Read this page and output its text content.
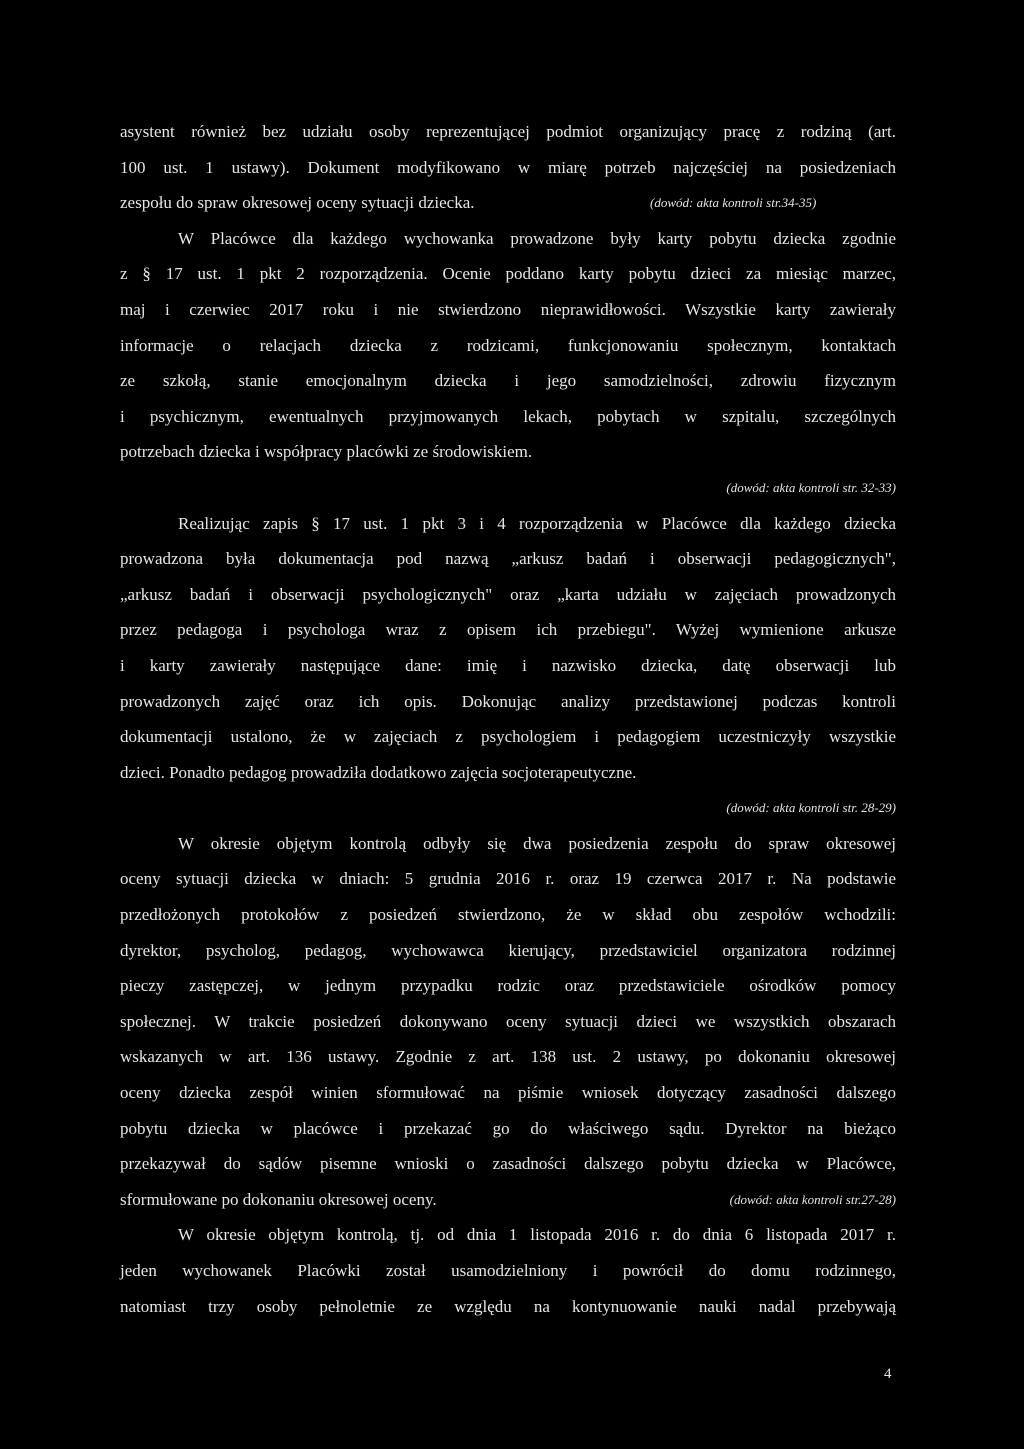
asystent również bez udziału osoby reprezentującej podmiot organizujący pracę z rodziną (art.
100 ust. 1 ustawy). Dokument modyfikowano w miarę potrzeb najczęściej na posiedzeniach
zespołu do spraw okresowej oceny sytuacji dziecka.	(dowód: akta kontroli str.34-35)
W Placówce dla każdego wychowanka prowadzone były karty pobytu dziecka zgodnie
z § 17 ust. 1 pkt 2 rozporządzenia. Ocenie poddano karty pobytu dzieci za miesiąc marzec,
maj i czerwiec 2017 roku i nie stwierdzono nieprawidłowości. Wszystkie karty zawierały
informacje o relacjach dziecka z rodzicami, funkcjonowaniu społecznym, kontaktach
ze szkołą, stanie emocjonalnym dziecka i jego samodzielności, zdrowiu fizycznym
i psychicznym, ewentualnych przyjmowanych lekach, pobytach w szpitalu, szczególnych
potrzebach dziecka i współpracy placówki ze środowiskiem.
(dowód: akta kontroli str. 32-33)
Realizując zapis § 17 ust. 1 pkt 3 i 4 rozporządzenia w Placówce dla każdego dziecka
prowadzona była dokumentacja pod nazwą „arkusz badań i obserwacji pedagogicznych",
„arkusz badań i obserwacji psychologicznych" oraz „karta udziału w zajęciach prowadzonych
przez pedagoga i psychologa wraz z opisem ich przebiegu". Wyżej wymienione arkusze
i karty zawierały następujące dane: imię i nazwisko dziecka, datę obserwacji lub
prowadzonych zajęć oraz ich opis. Dokonując analizy przedstawionej podczas kontroli
dokumentacji ustalono, że w zajęciach z psychologiem i pedagogiem uczestniczyły wszystkie
dzieci. Ponadto pedagog prowadziła dodatkowo zajęcia socjoterapeutyczne.
(dowód: akta kontroli str. 28-29)
W okresie objętym kontrolą odbyły się dwa posiedzenia zespołu do spraw okresowej
oceny sytuacji dziecka w dniach: 5 grudnia 2016 r. oraz 19 czerwca 2017 r. Na podstawie
przedłożonych protokołów z posiedzeń stwierdzono, że w skład obu zespołów wchodzili:
dyrektor, psycholog, pedagog, wychowawca kierujący, przedstawiciel organizatora rodzinnej
pieczy zastępczej, w jednym przypadku rodzic oraz przedstawiciele ośrodków pomocy
społecznej. W trakcie posiedzeń dokonywano oceny sytuacji dzieci we wszystkich obszarach
wskazanych w art. 136 ustawy. Zgodnie z art. 138 ust. 2 ustawy, po dokonaniu okresowej
oceny dziecka zespół winien sformułować na piśmie wniosek dotyczący zasadności dalszego
pobytu dziecka w placówce i przekazać go do właściwego sądu. Dyrektor na bieżąco
przekazywał do sądów pisemne wnioski o zasadności dalszego pobytu dziecka w Placówce,
sformułowane po dokonaniu okresowej oceny.	(dowód: akta kontroli str.27-28)
W okresie objętym kontrolą, tj. od dnia 1 listopada 2016 r. do dnia 6 listopada 2017 r.
jeden wychowanek Placówki został usamodzielniony i powrócił do domu rodzinnego,
natomiast trzy osoby pełnoletnie ze względu na kontynuowanie nauki nadal przebywają
4
